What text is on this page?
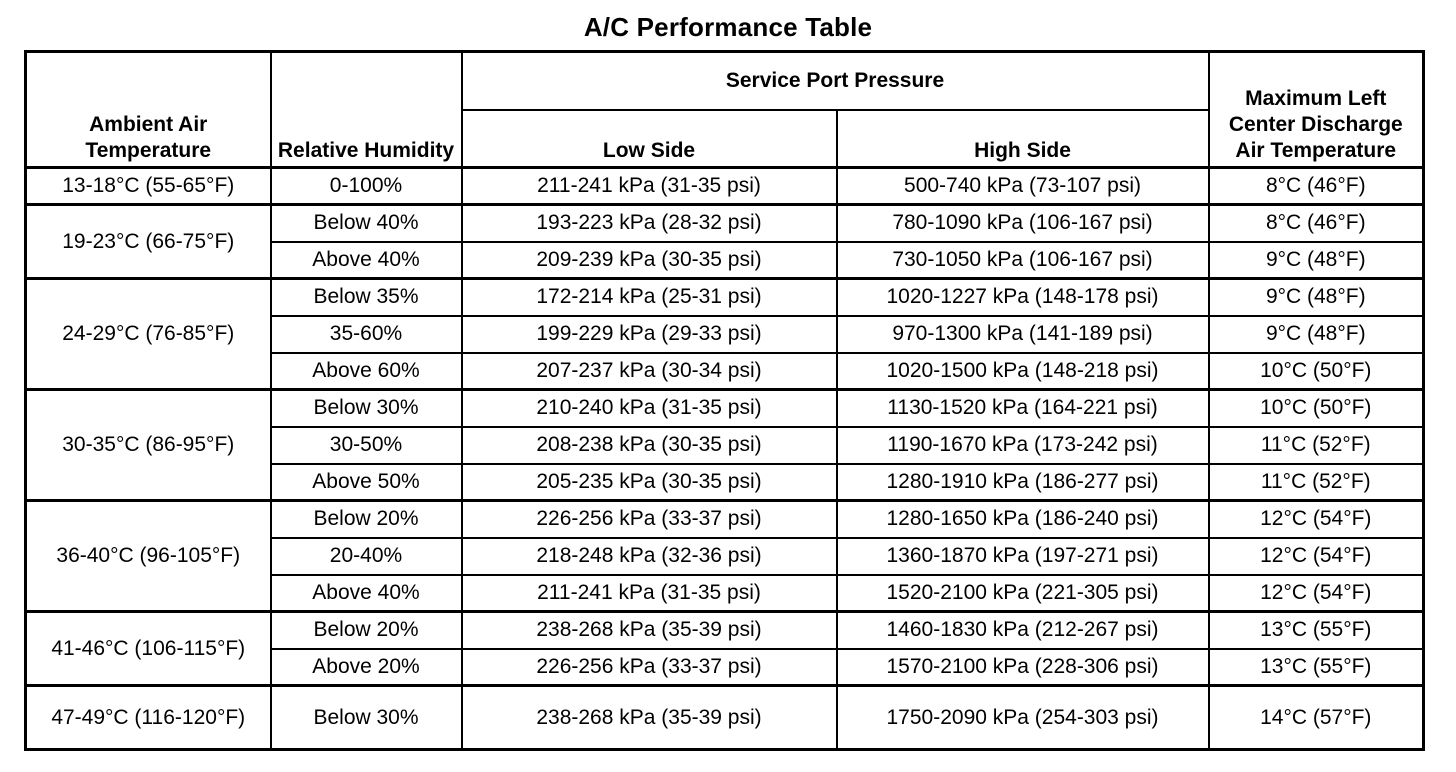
A/C Performance Table
Ambient Air Temperature	Relative Humidity	Service Port Pressure		Maximum Left Center Discharge Air Temperature
		Low Side	High Side	
13-18°C (55-65°F)	0-100%	211-241 kPa (31-35 psi)	500-740 kPa (73-107 psi)	8°C (46°F)
19-23°C (66-75°F)	Below 40%	193-223 kPa (28-32 psi)	780-1090 kPa (106-167 psi)	8°C (46°F)
	Above 40%	209-239 kPa (30-35 psi)	730-1050 kPa (106-167 psi)	9°C (48°F)
24-29°C (76-85°F)	Below 35%	172-214 kPa (25-31 psi)	1020-1227 kPa (148-178 psi)	9°C (48°F)
	35-60%	199-229 kPa (29-33 psi)	970-1300 kPa (141-189 psi)	9°C (48°F)
	Above 60%	207-237 kPa (30-34 psi)	1020-1500 kPa (148-218 psi)	10°C (50°F)
30-35°C (86-95°F)	Below 30%	210-240 kPa (31-35 psi)	1130-1520 kPa (164-221 psi)	10°C (50°F)
	30-50%	208-238 kPa (30-35 psi)	1190-1670 kPa (173-242 psi)	11°C (52°F)
	Above 50%	205-235 kPa (30-35 psi)	1280-1910 kPa (186-277 psi)	11°C (52°F)
36-40°C (96-105°F)	Below 20%	226-256 kPa (33-37 psi)	1280-1650 kPa (186-240 psi)	12°C (54°F)
	20-40%	218-248 kPa (32-36 psi)	1360-1870 kPa (197-271 psi)	12°C (54°F)
	Above 40%	211-241 kPa (31-35 psi)	1520-2100 kPa (221-305 psi)	12°C (54°F)
41-46°C (106-115°F)	Below 20%	238-268 kPa (35-39 psi)	1460-1830 kPa (212-267 psi)	13°C (55°F)
	Above 20%	226-256 kPa (33-37 psi)	1570-2100 kPa (228-306 psi)	13°C (55°F)
47-49°C (116-120°F)	Below 30%	238-268 kPa (35-39 psi)	1750-2090 kPa (254-303 psi)	14°C (57°F)
